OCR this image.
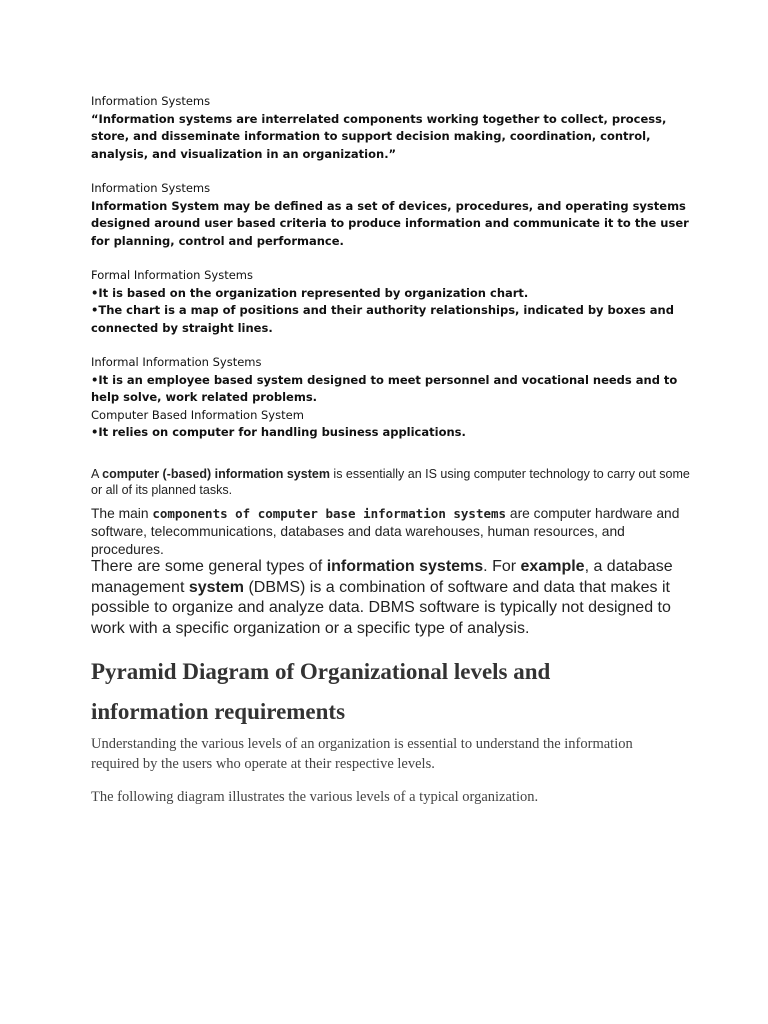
Information Systems

“Information systems are interrelated components working together to collect, process, store, and disseminate information to support decision making, coordination, control, analysis, and visualization in an organization.”

Information Systems

Information System may be defined as a set of devices, procedures, and operating systems designed around user based criteria to produce information and communicate it to the user for planning, control and performance.

Formal Information Systems

•It is based on the organization represented by organization chart.

•The chart is a map of positions and their authority relationships, indicated by boxes and connected by straight lines.

Informal Information Systems

•It is an employee based system designed to meet personnel and vocational needs and to help solve, work related problems.

Computer Based Information System

•It relies on computer for handling business applications.

A computer (-based) information system is essentially an IS using computer technology to carry out some or all of its planned tasks.

The main components of computer base information systems are computer hardware and software, telecommunications, databases and data warehouses, human resources, and procedures.

There are some general types of information systems. For example, a database management system (DBMS) is a combination of software and data that makes it possible to organize and analyze data. DBMS software is typically not designed to work with a specific organization or a specific type of analysis.

Pyramid Diagram of Organizational levels and information requirements

Understanding the various levels of an organization is essential to understand the information required by the users who operate at their respective levels.

The following diagram illustrates the various levels of a typical organization.
